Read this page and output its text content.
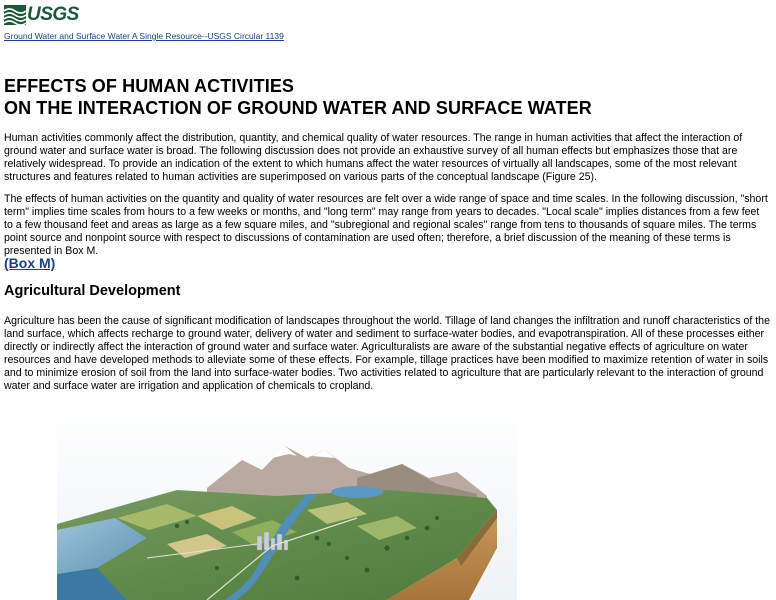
USGS
Ground Water and Surface Water A Single Resource--USGS Circular 1139
EFFECTS OF HUMAN ACTIVITIES
ON THE INTERACTION OF GROUND WATER AND SURFACE WATER

Human activities commonly affect the distribution, quantity, and chemical quality of water resources. The range in human activities that affect the interaction of ground water and surface water is broad. The following discussion does not provide an exhaustive survey of all human effects but emphasizes those that are relatively widespread. To provide an indication of the extent to which humans affect the water resources of virtually all landscapes, some of the most relevant structures and features related to human activities are superimposed on various parts of the conceptual landscape (Figure 25).

The effects of human activities on the quantity and quality of water resources are felt over a wide range of space and time scales. In the following discussion, "short term" implies time scales from hours to a few weeks or months, and "long term" may range from years to decades. "Local scale" implies distances from a few feet to a few thousand feet and areas as large as a few square miles, and "subregional and regional scales" range from tens to thousands of square miles. The terms point source and nonpoint source with respect to discussions of contamination are used often; therefore, a brief discussion of the meaning of these terms is presented in Box M.

(Box M)
Agricultural Development

Agriculture has been the cause of significant modification of landscapes throughout the world. Tillage of land changes the infiltration and runoff characteristics of the land surface, which affects recharge to ground water, delivery of water and sediment to surface-water bodies, and evapotranspiration. All of these processes either directly or indirectly affect the interaction of ground water and surface water. Agriculturalists are aware of the substantial negative effects of agriculture on water resources and have developed methods to alleviate some of these effects. For example, tillage practices have been modified to maximize retention of water in soils and to minimize erosion of soil from the land into surface-water bodies. Two activities related to agriculture that are particularly relevant to the interaction of ground water and surface water are irrigation and application of chemicals to cropland.
